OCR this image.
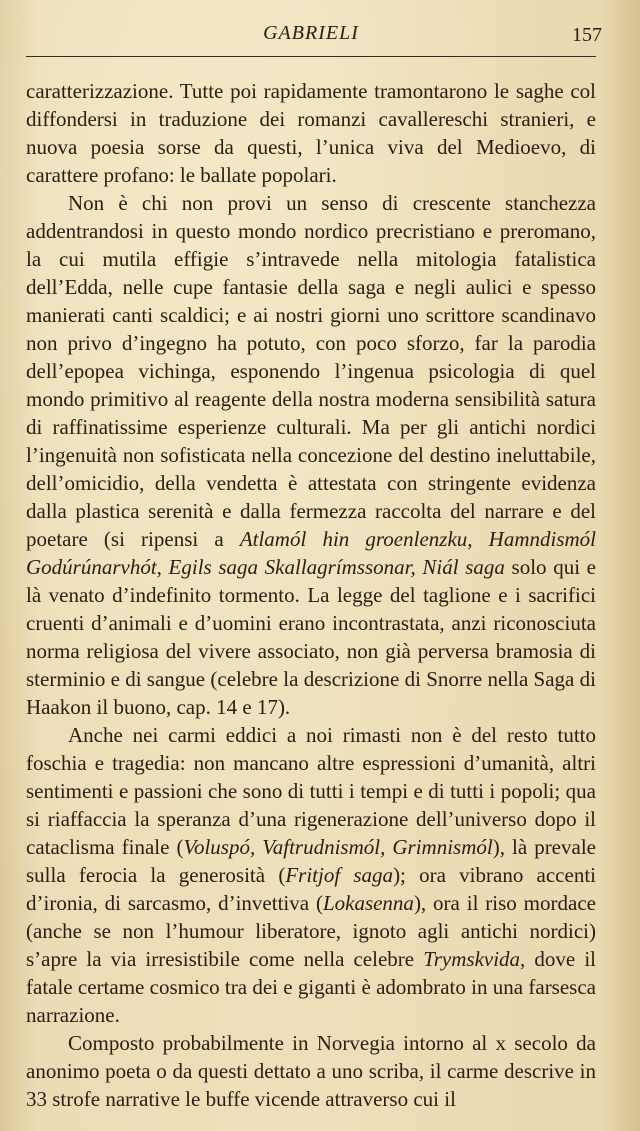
GABRIELI	157

caratterizzazione. Tutte poi rapidamente tramontarono le saghe col diffondersi in traduzione dei romanzi cavallereschi stranieri, e nuova poesia sorse da questi, l’unica viva del Medioevo, di carattere profano: le ballate popolari.

Non è chi non provi un senso di crescente stanchezza addentrandosi in questo mondo nordico precristiano e preromano, la cui mutila effigie s’intravede nella mitologia fatalistica dell’Edda, nelle cupe fantasie della saga e negli aulici e spesso manierati canti scaldici; e ai nostri giorni uno scrittore scandinavo non privo d’ingegno ha potuto, con poco sforzo, far la parodia dell’epopea vichinga, esponendo l’ingenua psicologia di quel mondo primitivo al reagente della nostra moderna sensibilità satura di raffinatissime esperienze culturali. Ma per gli antichi nordici l’ingenuità non sofisticata nella concezione del destino ineluttabile, dell’omicidio, della vendetta è attestata con stringente evidenza dalla plastica serenità e dalla fermezza raccolta del narrare e del poetare (si ripensi a Atlamól hin groenlenzku, Hamndismól Godúrúnarvhót, Egils saga Skallagrímssonar, Niál saga solo qui e là venato d’indefinito tormento. La legge del taglione e i sacrifici cruenti d’animali e d’uomini erano incontrastata, anzi riconosciuta norma religiosa del vivere associato, non già perversa bramosia di sterminio e di sangue (celebre la descrizione di Snorre nella Saga di Haakon il buono, cap. 14 e 17).

Anche nei carmi eddici a noi rimasti non è del resto tutto foschia e tragedia: non mancano altre espressioni d’umanità, altri sentimenti e passioni che sono di tutti i tempi e di tutti i popoli; qua si riaffaccia la speranza d’una rigenerazione dell’universo dopo il cataclisma finale (Voluspó, Vaftrudnismól, Grimnismól), là prevale sulla ferocia la generosità (Fritjof saga); ora vibrano accenti d’ironia, di sarcasmo, d’invettiva (Lokasenna), ora il riso mordace (anche se non l’humour liberatore, ignoto agli antichi nordici) s’apre la via irresistibile come nella celebre Trymskvida, dove il fatale certame cosmico tra dei e giganti è adombrato in una farsesca narrazione.

Composto probabilmente in Norvegia intorno al x secolo da anonimo poeta o da questi dettato a uno scriba, il carme descrive in 33 strofe narrative le buffe vicende attraverso cui il
